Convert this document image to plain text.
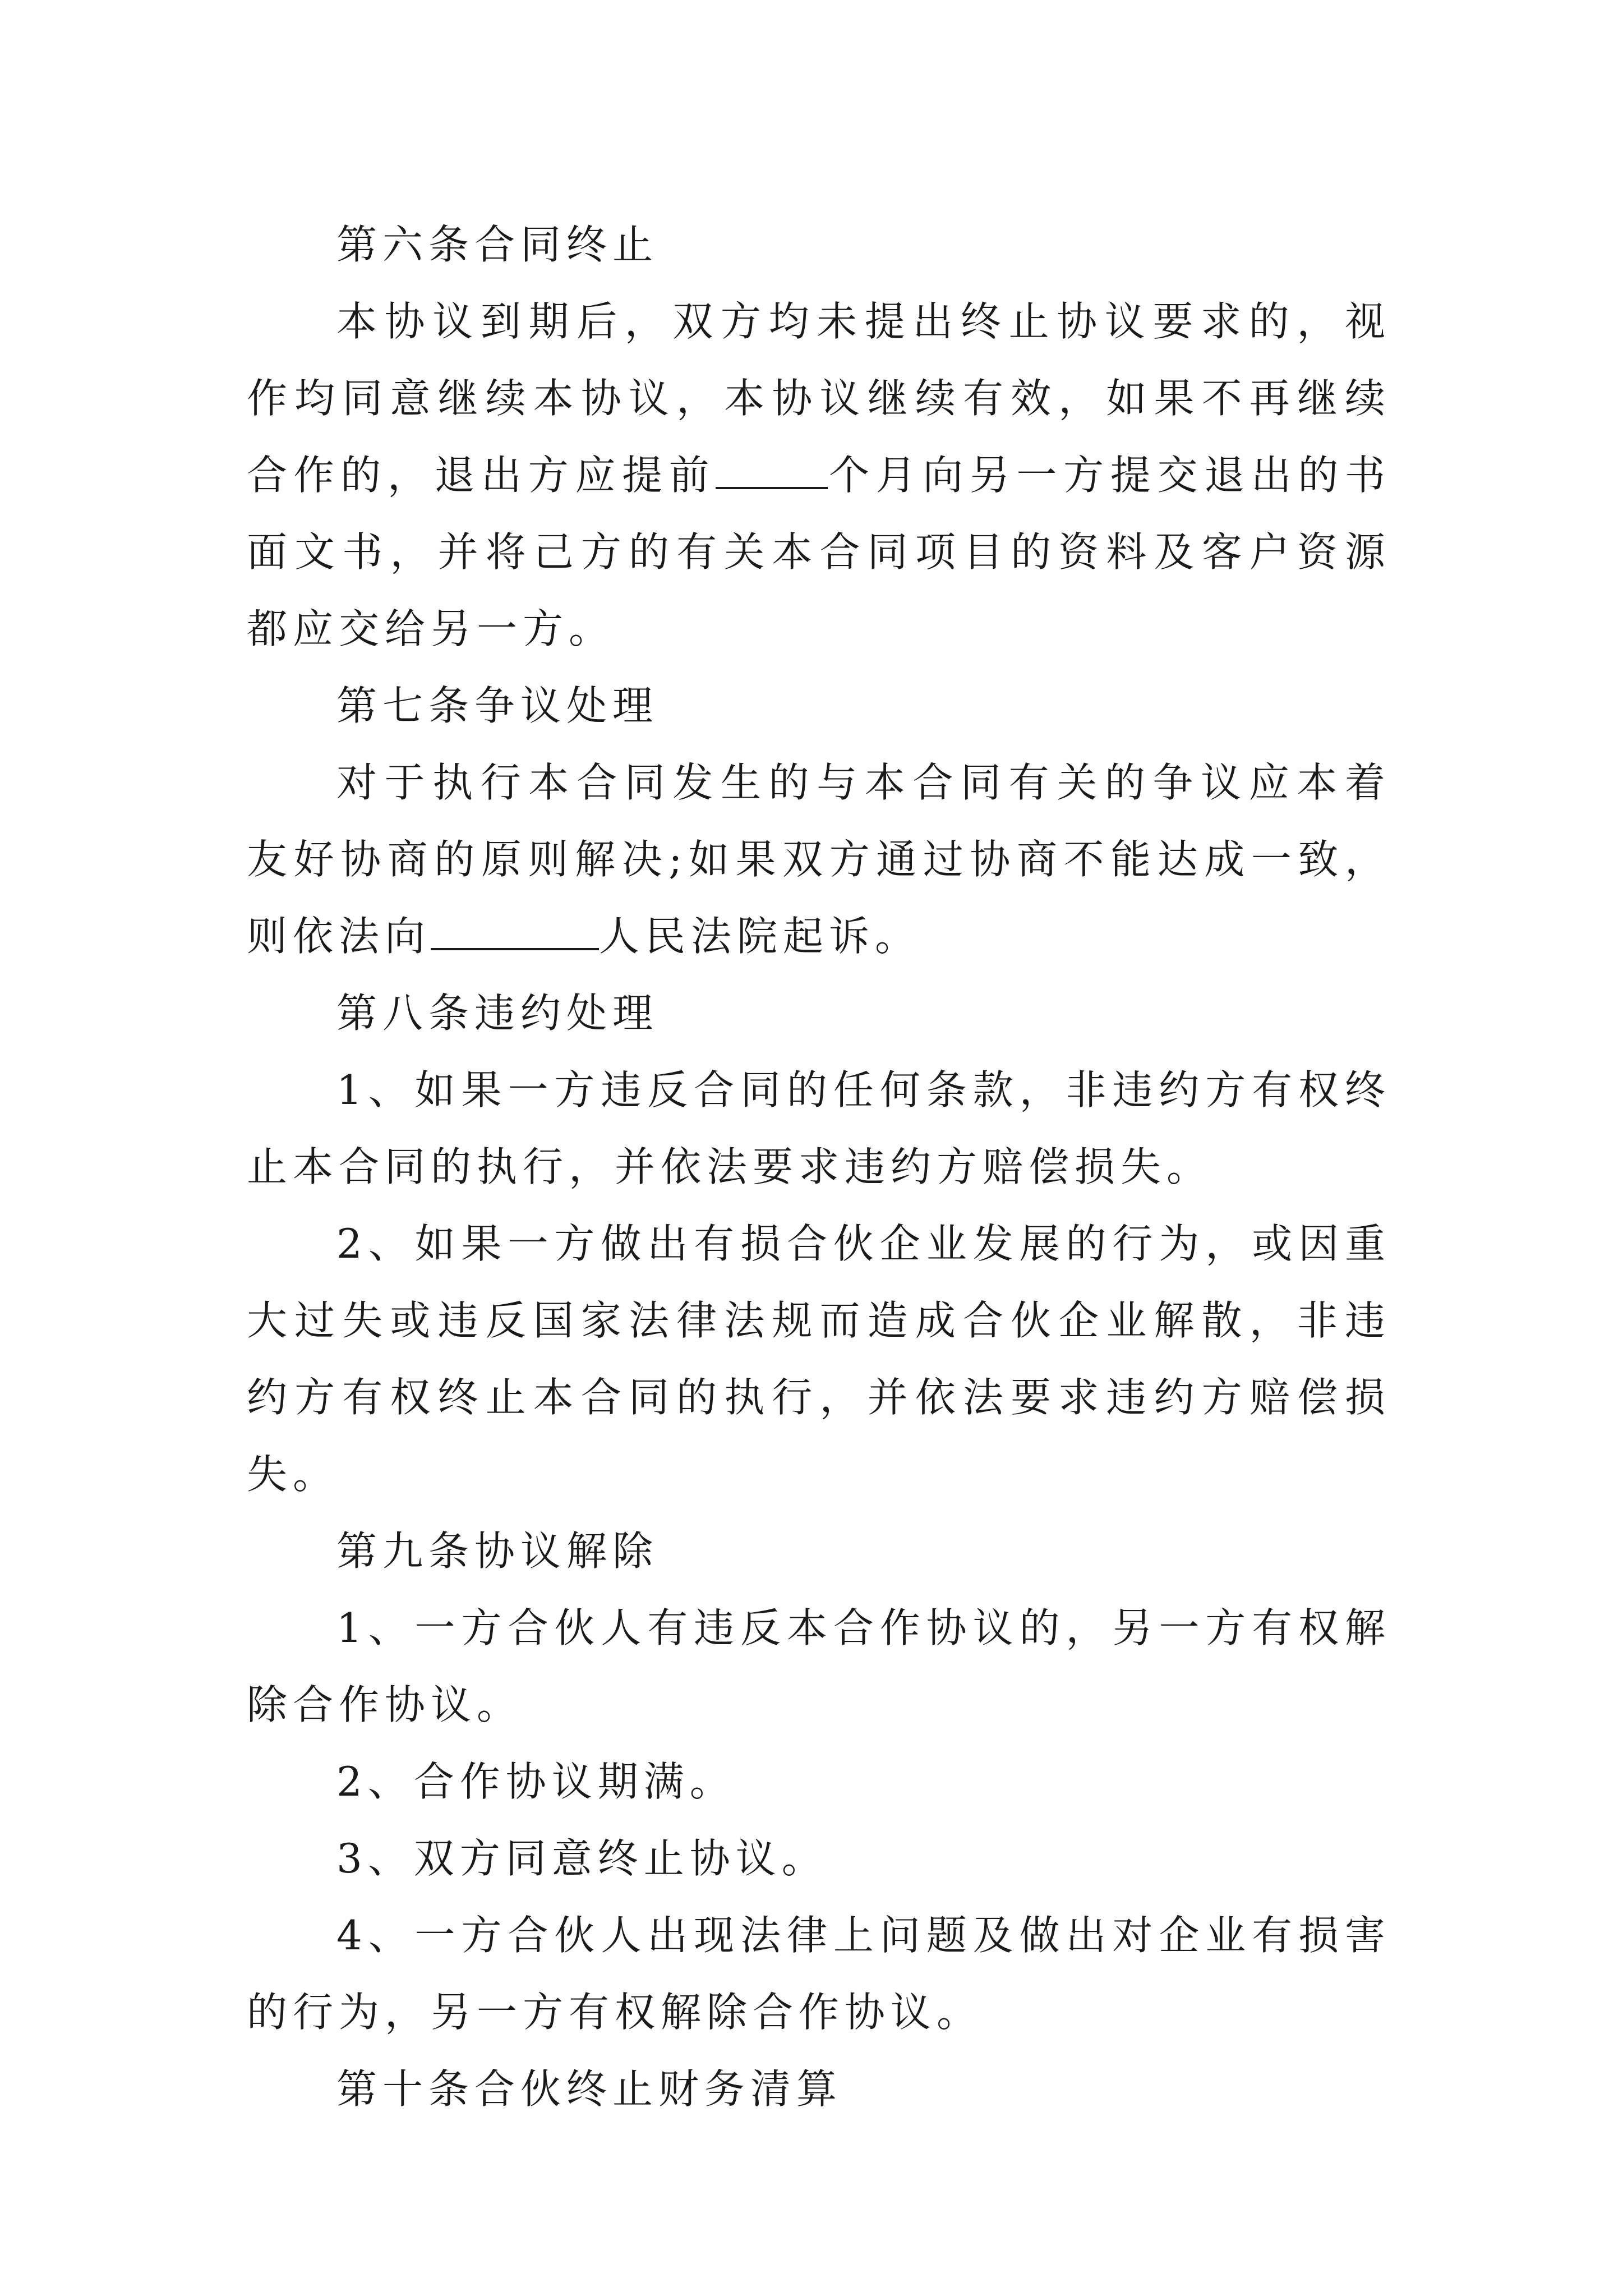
第六条合同终止

本协议到期后，双方均未提出终止协议要求的，视作均同意继续本协议，本协议继续有效，如果不再继续合作的，退出方应提前	个月向另一方提交退出的书面文书，并将己方的有关本合同项目的资料及客户资源都应交给另一方。

第七条争议处理

对于执行本合同发生的与本合同有关的争议应本着友好协商的原则解决;如果双方通过协商不能达成一致，则依法向	人民法院起诉。

第八条违约处理

1、如果一方违反合同的任何条款，非违约方有权终止本合同的执行，并依法要求违约方赔偿损失。

2、如果一方做出有损合伙企业发展的行为，或因重大过失或违反国家法律法规而造成合伙企业解散，非违约方有权终止本合同的执行，并依法要求违约方赔偿损失。

第九条协议解除

1、一方合伙人有违反本合作协议的，另一方有权解除合作协议。

2、合作协议期满。

3、双方同意终止协议。

4、一方合伙人出现法律上问题及做出对企业有损害的行为，另一方有权解除合作协议。

第十条合伙终止财务清算
